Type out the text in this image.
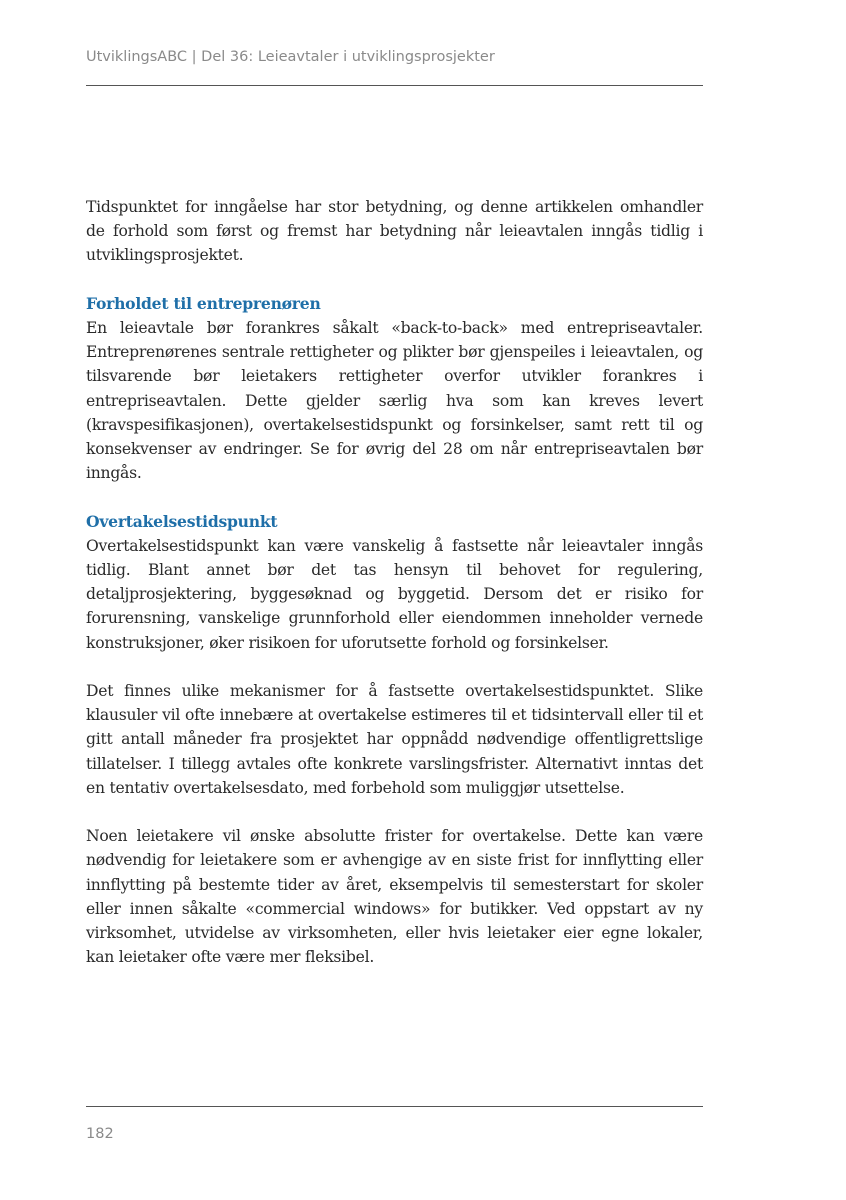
UtviklingsABC | Del 36: Leieavtaler i utviklingsprosjekter

Tidspunktet for inngåelse har stor betydning, og denne artikkelen omhandler de forhold som først og fremst har betydning når leieavtalen inngås tidlig i utviklingsprosjektet.

Forholdet til entreprenøren

En leieavtale bør forankres såkalt «back-to-back» med entrepriseavtaler. Entreprenørenes sentrale rettigheter og plikter bør gjenspeiles i leieavtalen, og tilsvarende bør leietakers rettigheter overfor utvikler forankres i entrepriseavtalen. Dette gjelder særlig hva som kan kreves levert (kravspesifikasjonen), overtakelsestidspunkt og forsinkelser, samt rett til og konsekvenser av endringer. Se for øvrig del 28 om når entrepriseavtalen bør inngås.

Overtakelsestidspunkt

Overtakelsestidspunkt kan være vanskelig å fastsette når leieavtaler inngås tidlig. Blant annet bør det tas hensyn til behovet for regulering, detaljprosjektering, byggesøknad og byggetid. Dersom det er risiko for forurensning, vanskelige grunnforhold eller eiendommen inneholder vernede konstruksjoner, øker risikoen for uforutsette forhold og forsinkelser.

Det finnes ulike mekanismer for å fastsette overtakelsestidspunktet. Slike klausuler vil ofte innebære at overtakelse estimeres til et tidsintervall eller til et gitt antall måneder fra prosjektet har oppnådd nødvendige offentligrettslige tillatelser. I tillegg avtales ofte konkrete varslingsfrister. Alternativt inntas det en tentativ overtakelsesdato, med forbehold som muliggjør utsettelse.

Noen leietakere vil ønske absolutte frister for overtakelse. Dette kan være nødvendig for leietakere som er avhengige av en siste frist for innflytting eller innflytting på bestemte tider av året, eksempelvis til semesterstart for skoler eller innen såkalte «commercial windows» for butikker. Ved oppstart av ny virksomhet, utvidelse av virksomheten, eller hvis leietaker eier egne lokaler, kan leietaker ofte være mer fleksibel.

182
